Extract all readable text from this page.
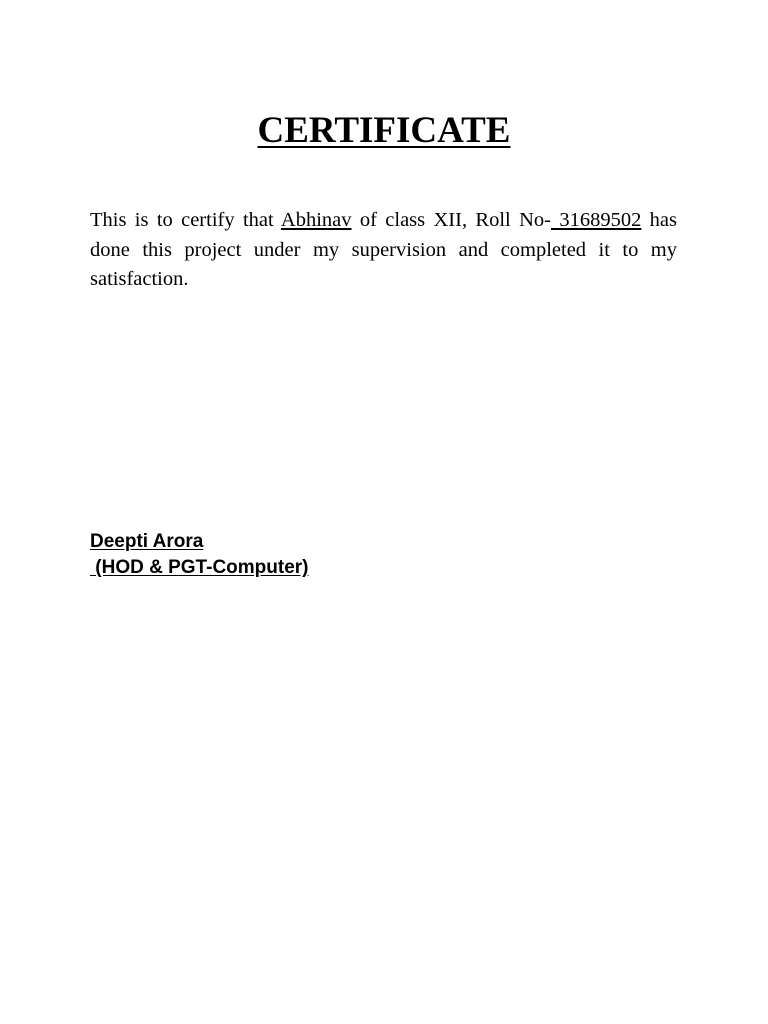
CERTIFICATE

This is to certify that Abhinav of class XII, Roll No- 31689502 has done this project under my supervision and completed it to my satisfaction.

Deepti Arora
(HOD & PGT-Computer)
